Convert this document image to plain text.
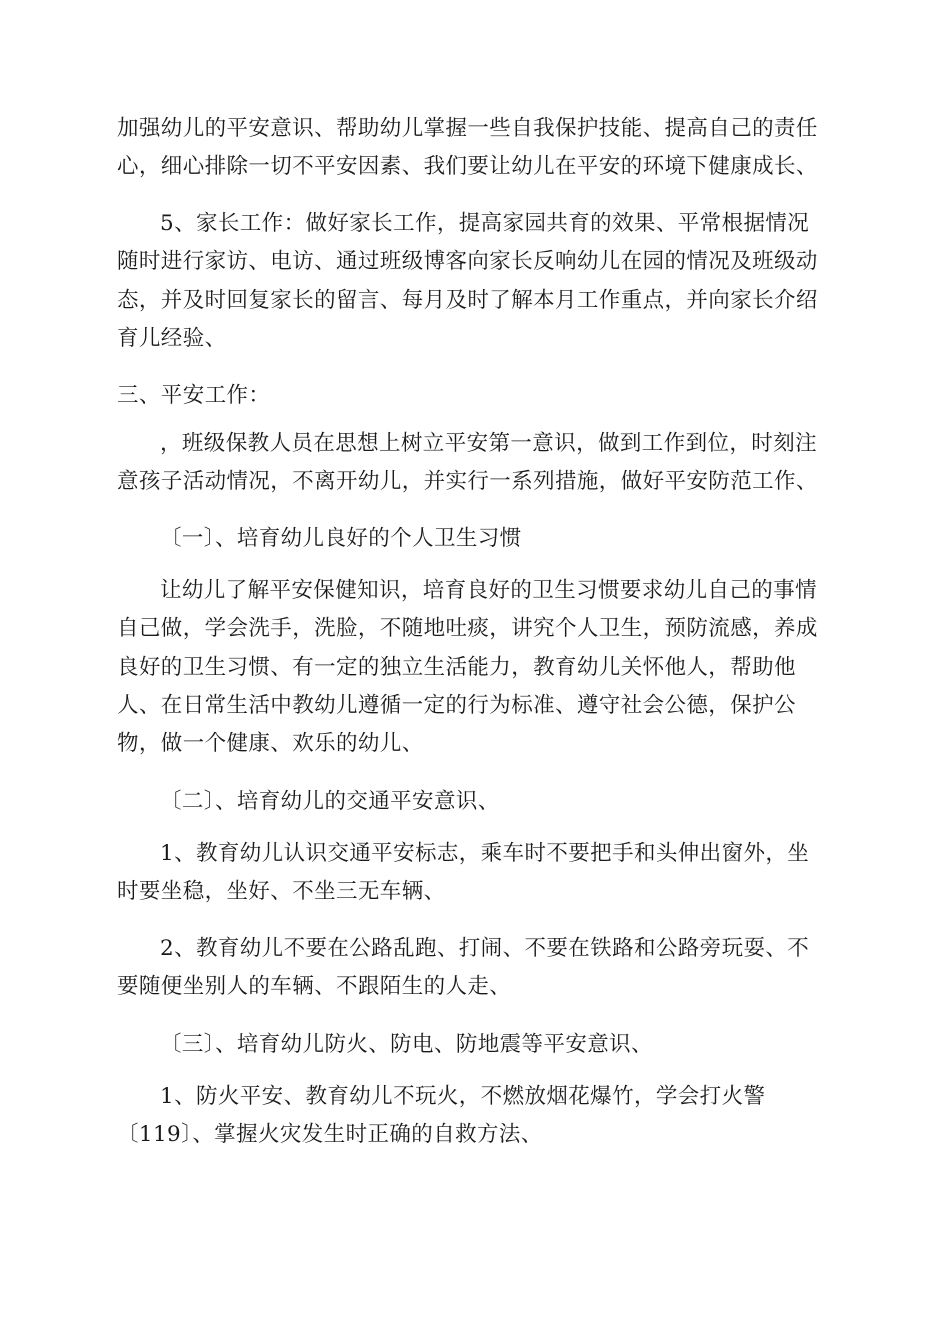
加强幼儿的平安意识、帮助幼儿掌握一些自我保护技能、提高自己的责任
心，细心排除一切不平安因素、我们要让幼儿在平安的环境下健康成长、
5、家长工作：做好家长工作，提高家园共育的效果、平常根据情况
随时进行家访、电访、通过班级博客向家长反响幼儿在园的情况及班级动
态，并及时回复家长的留言、每月及时了解本月工作重点，并向家长介绍
育儿经验、
三、平安工作：
，班级保教人员在思想上树立平安第一意识，做到工作到位，时刻注
意孩子活动情况，不离开幼儿，并实行一系列措施，做好平安防范工作、
〔一〕、培育幼儿良好的个人卫生习惯
让幼儿了解平安保健知识，培育良好的卫生习惯要求幼儿自己的事情
自己做，学会洗手，洗脸，不随地吐痰，讲究个人卫生，预防流感，养成
良好的卫生习惯、有一定的独立生活能力，教育幼儿关怀他人，帮助他
人、在日常生活中教幼儿遵循一定的行为标准、遵守社会公德，保护公
物，做一个健康、欢乐的幼儿、
〔二〕、培育幼儿的交通平安意识、
1、教育幼儿认识交通平安标志，乘车时不要把手和头伸出窗外，坐
时要坐稳，坐好、不坐三无车辆、
2、教育幼儿不要在公路乱跑、打闹、不要在铁路和公路旁玩耍、不
要随便坐别人的车辆、不跟陌生的人走、
〔三〕、培育幼儿防火、防电、防地震等平安意识、
1、防火平安、教育幼儿不玩火，不燃放烟花爆竹，学会打火警
〔119〕、掌握火灾发生时正确的自救方法、
